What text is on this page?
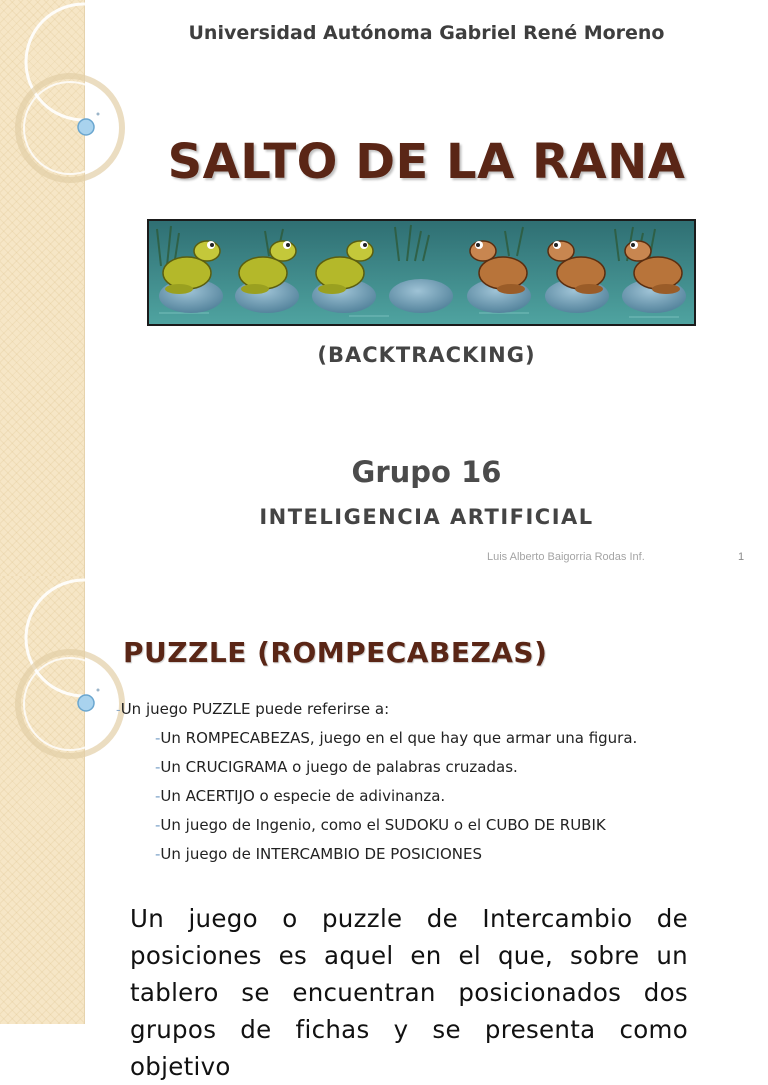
Universidad Autónoma Gabriel René Moreno
SALTO DE LA RANA
(BACKTRACKING)
Grupo 16
INTELIGENCIA ARTIFICIAL
Luis Alberto Baigorria Rodas Inf.	1
PUZZLE (ROMPECABEZAS)
-Un juego PUZZLE puede referirse a:
-Un ROMPECABEZAS, juego en el que hay que armar una figura.
-Un CRUCIGRAMA o juego de palabras cruzadas.
-Un ACERTIJO o especie de adivinanza.
-Un juego de Ingenio, como el SUDOKU o el CUBO DE RUBIK
-Un juego de INTERCAMBIO DE POSICIONES
Un juego o puzzle de Intercambio de posiciones es aquel en el que, sobre un tablero se encuentran posicionados dos grupos de fichas y se presenta como objetivo
